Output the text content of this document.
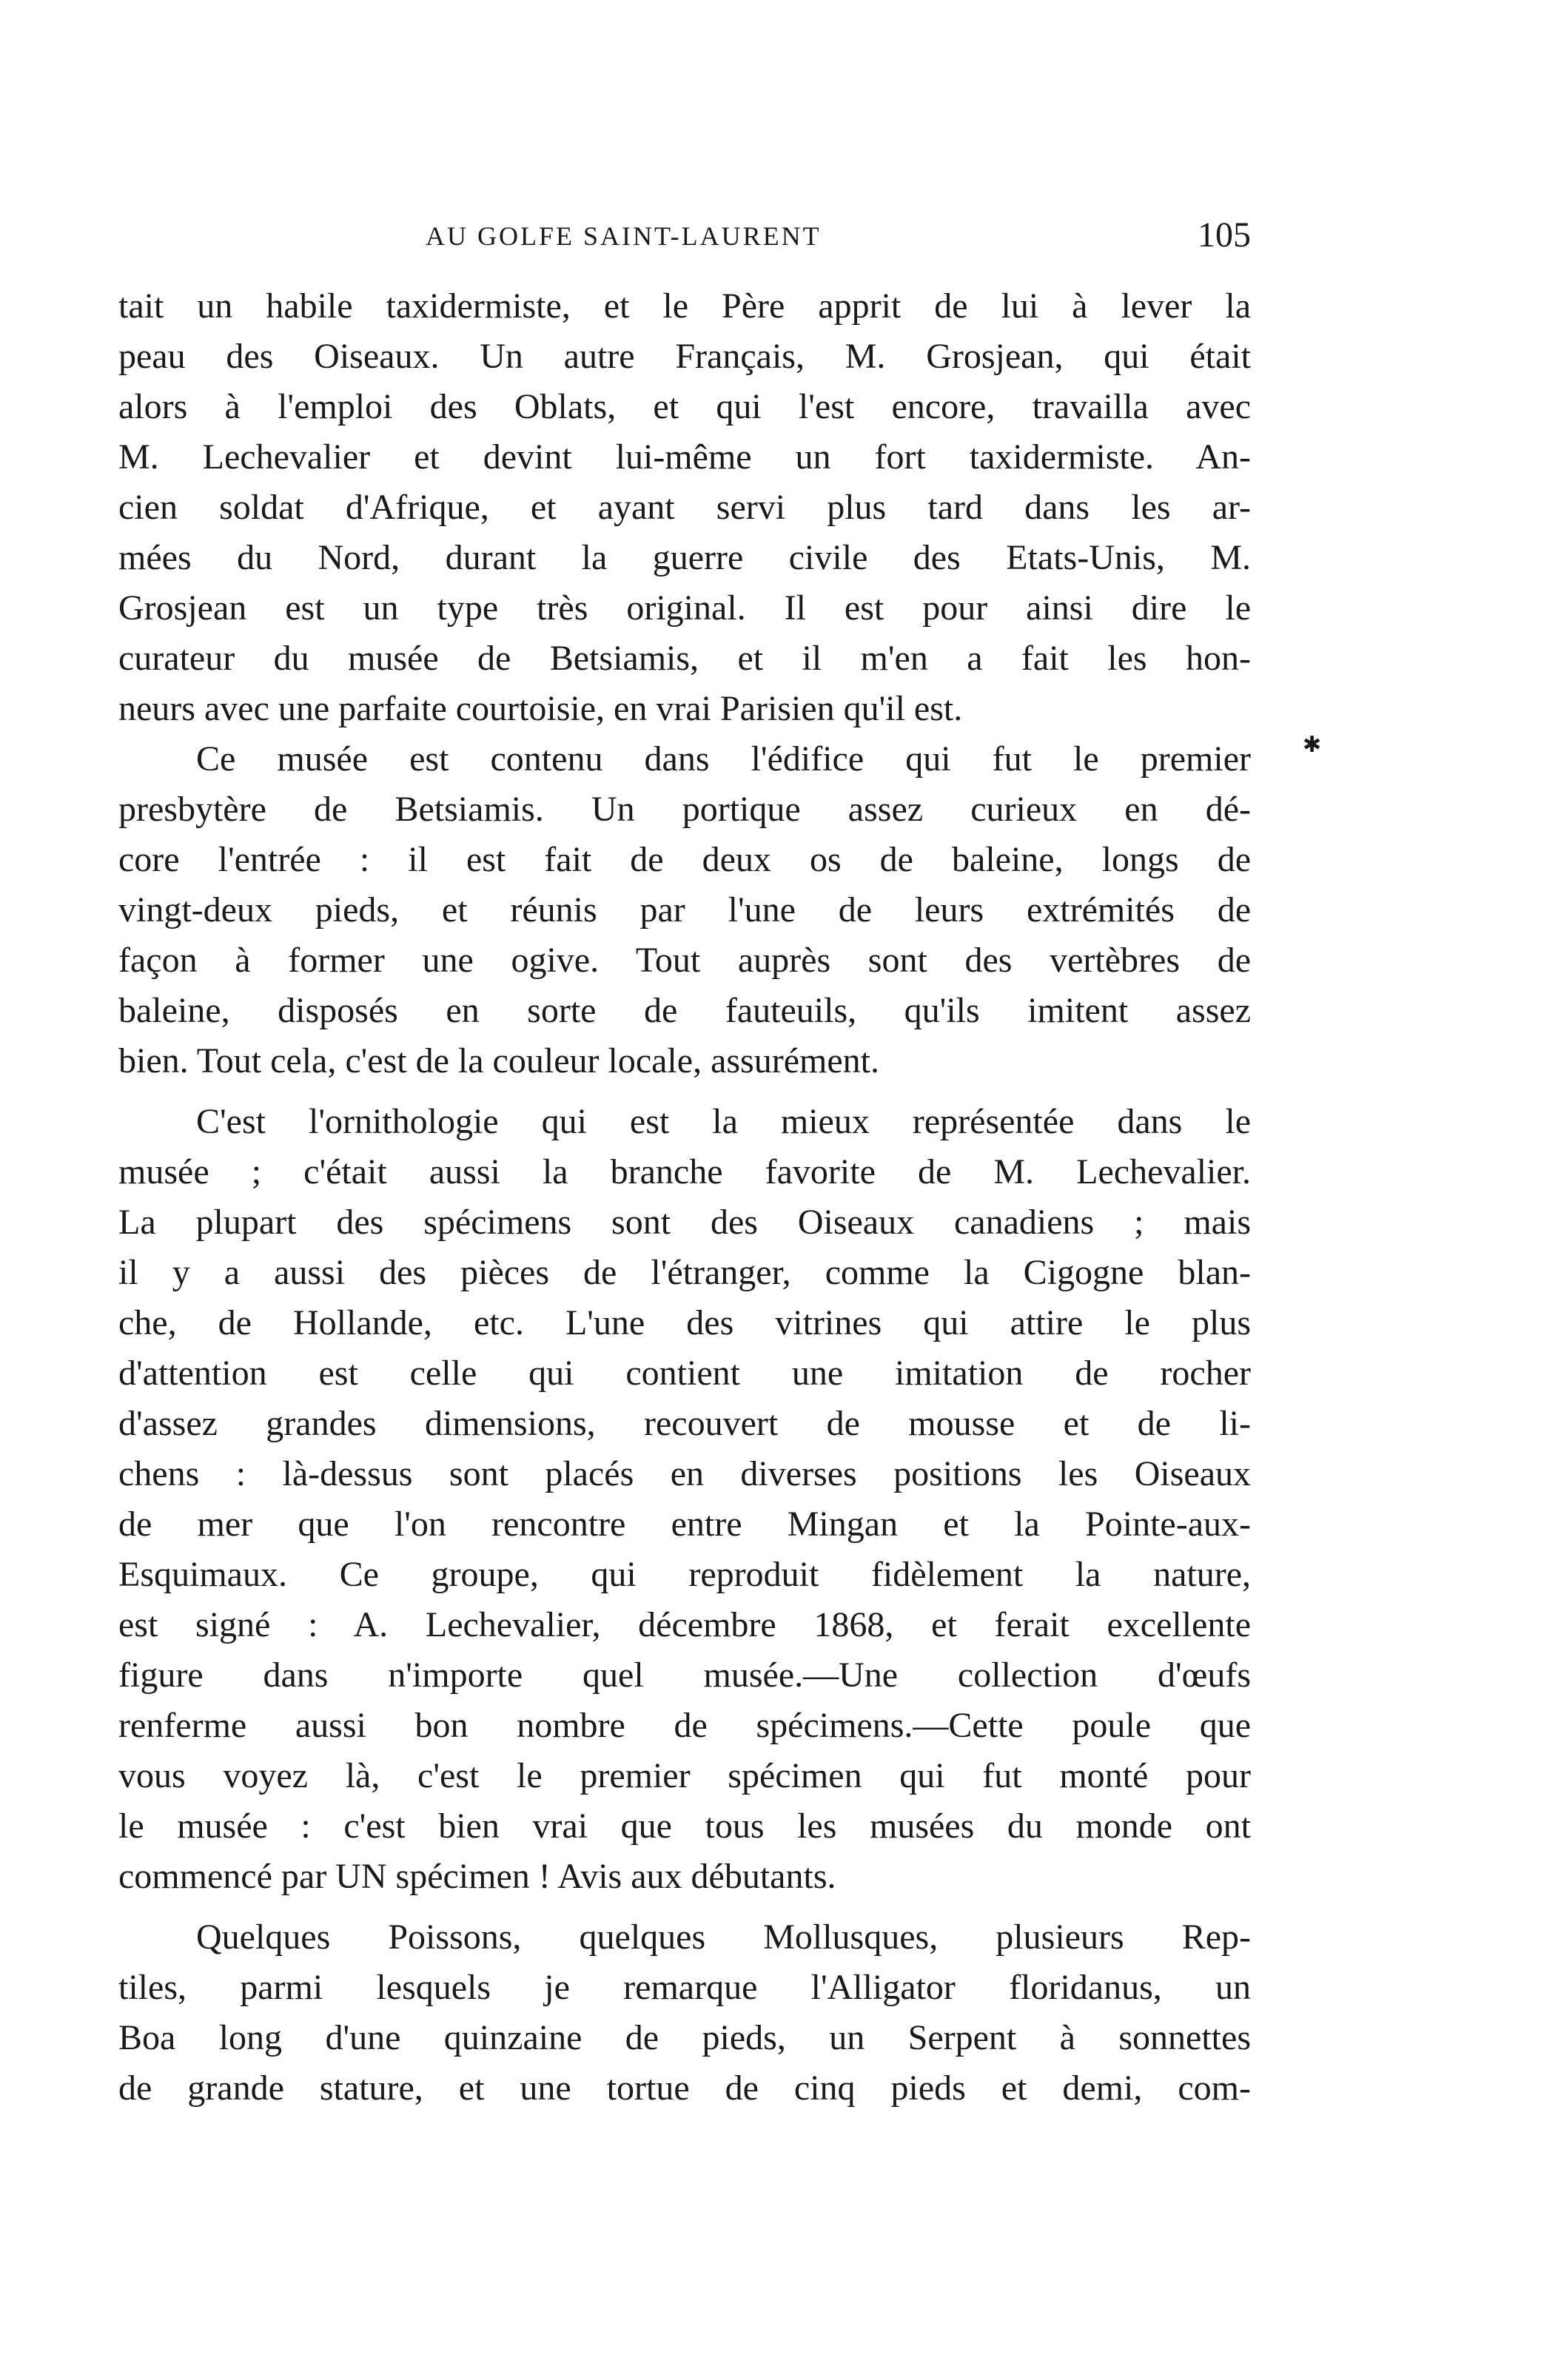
AU GOLFE SAINT-LAURENT	105
✱
tait un habile taxidermiste, et le Père apprit de lui à lever la
peau des Oiseaux. Un autre Français, M. Grosjean, qui était
alors à l'emploi des Oblats, et qui l'est encore, travailla avec
M. Lechevalier et devint lui-même un fort taxidermiste. An-
cien soldat d'Afrique, et ayant servi plus tard dans les ar-
mées du Nord, durant la guerre civile des Etats-Unis, M.
Grosjean est un type très original. Il est pour ainsi dire le
curateur du musée de Betsiamis, et il m'en a fait les hon-
neurs avec une parfaite courtoisie, en vrai Parisien qu'il est.
Ce musée est contenu dans l'édifice qui fut le premier
presbytère de Betsiamis. Un portique assez curieux en dé-
core l'entrée : il est fait de deux os de baleine, longs de
vingt-deux pieds, et réunis par l'une de leurs extrémités de
façon à former une ogive. Tout auprès sont des vertèbres de
baleine, disposés en sorte de fauteuils, qu'ils imitent assez
bien. Tout cela, c'est de la couleur locale, assurément.
C'est l'ornithologie qui est la mieux représentée dans le
musée ; c'était aussi la branche favorite de M. Lechevalier.
La plupart des spécimens sont des Oiseaux canadiens ; mais
il y a aussi des pièces de l'étranger, comme la Cigogne blan-
che, de Hollande, etc. L'une des vitrines qui attire le plus
d'attention est celle qui contient une imitation de rocher
d'assez grandes dimensions, recouvert de mousse et de li-
chens : là-dessus sont placés en diverses positions les Oiseaux
de mer que l'on rencontre entre Mingan et la Pointe-aux-
Esquimaux. Ce groupe, qui reproduit fidèlement la nature,
est signé : A. Lechevalier, décembre 1868, et ferait excellente
figure dans n'importe quel musée.—Une collection d'œufs
renferme aussi bon nombre de spécimens.—Cette poule que
vous voyez là, c'est le premier spécimen qui fut monté pour
le musée : c'est bien vrai que tous les musées du monde ont
commencé par UN spécimen ! Avis aux débutants.
Quelques Poissons, quelques Mollusques, plusieurs Rep-
tiles, parmi lesquels je remarque l'Alligator floridanus, un
Boa long d'une quinzaine de pieds, un Serpent à sonnettes
de grande stature, et une tortue de cinq pieds et demi, com-
